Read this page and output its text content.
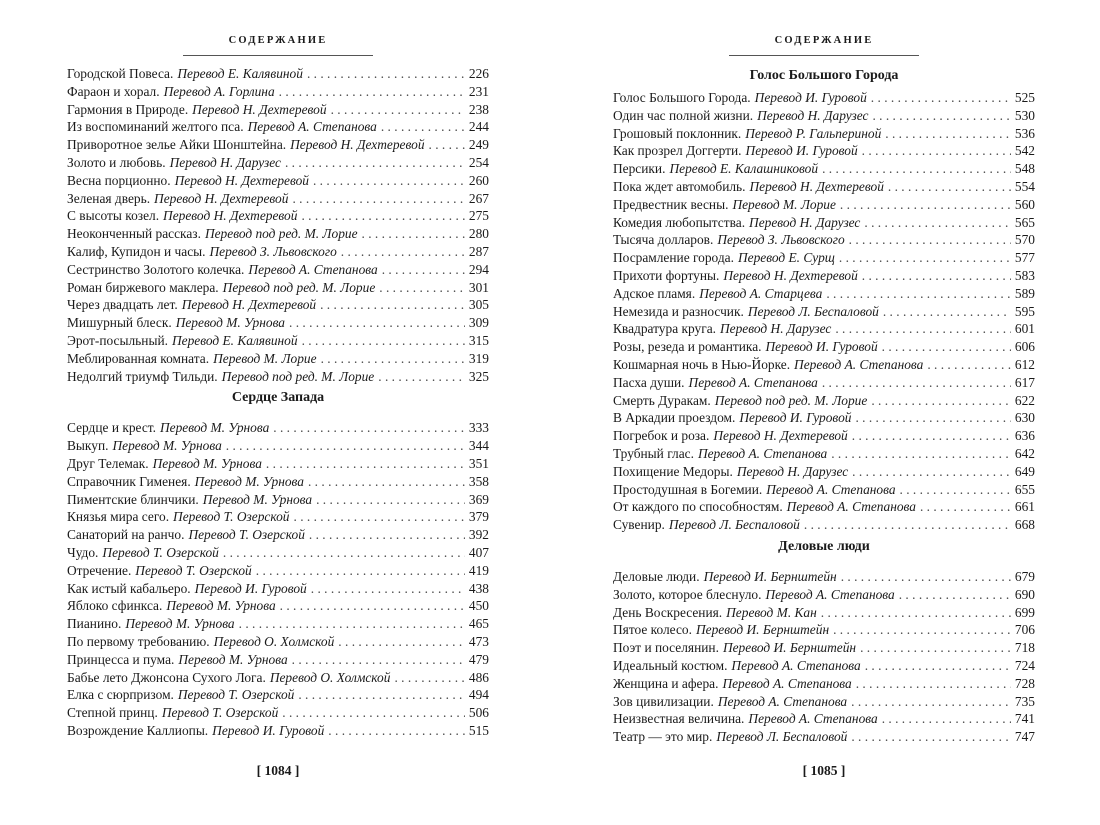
СОДЕРЖАНИЕ
Городской Повеса. Перевод Е. Калявиной . . .	226
Фараон и хорал. Перевод А. Горлина . . .	231
Гармония в Природе. Перевод Н. Дехтеревой . . .	238
Из воспоминаний желтого пса. Перевод А. Степанова . . .	244
Приворотное зелье Айки Шонштейна. Перевод Н. Дехтеревой . . .	249
Золото и любовь. Перевод Н. Дарузес . . .	254
Весна порционно. Перевод Н. Дехтеревой . . .	260
Зеленая дверь. Перевод Н. Дехтеревой . . .	267
С высоты козел. Перевод Н. Дехтеревой . . .	275
Неоконченный рассказ. Перевод под ред. М. Лорие . . .	280
Калиф, Купидон и часы. Перевод З. Львовского . . .	287
Сестринство Золотого колечка. Перевод А. Степанова . . .	294
Роман биржевого маклера. Перевод под ред. М. Лорие . . .	301
Через двадцать лет. Перевод Н. Дехтеревой . . .	305
Мишурный блеск. Перевод М. Урнова . . .	309
Эрот-посыльный. Перевод Е. Калявиной . . .	315
Меблированная комната. Перевод М. Лорие . . .	319
Недолгий триумф Тильди. Перевод под ред. М. Лорие . . .	325
Сердце Запада
Сердце и крест. Перевод М. Урнова . . .	333
Выкуп. Перевод М. Урнова . . .	344
Друг Телемак. Перевод М. Урнова . . .	351
Справочник Гименея. Перевод М. Урнова . . .	358
Пиментские блинчики. Перевод М. Урнова . . .	369
Князья мира сего. Перевод Т. Озерской . . .	379
Санаторий на ранчо. Перевод Т. Озерской . . .	392
Чудо. Перевод Т. Озерской . . .	407
Отречение. Перевод Т. Озерской . . .	419
Как истый кабальеро. Перевод И. Гуровой . . .	438
Яблоко сфинкса. Перевод М. Урнова . . .	450
Пианино. Перевод М. Урнова . . .	465
По первому требованию. Перевод О. Холмской . . .	473
Принцесса и пума. Перевод М. Урнова . . .	479
Бабье лето Джонсона Сухого Лога. Перевод О. Холмской . . .	486
Елка с сюрпризом. Перевод Т. Озерской . . .	494
Степной принц. Перевод Т. Озерской . . .	506
Возрождение Каллиопы. Перевод И. Гуровой . . .	515
[ 1084 ]
СОДЕРЖАНИЕ
Голос Большого Города
Голос Большого Города. Перевод И. Гуровой . . .	525
Один час полной жизни. Перевод Н. Дарузес . . .	530
Грошовый поклонник. Перевод Р. Гальпериной . . .	536
Как прозрел Доггерти. Перевод И. Гуровой . . .	542
Персики. Перевод Е. Калашниковой . . .	548
Пока ждет автомобиль. Перевод Н. Дехтеревой . . .	554
Предвестник весны. Перевод М. Лорие . . .	560
Комедия любопытства. Перевод Н. Дарузес . . .	565
Тысяча долларов. Перевод З. Львовского . . .	570
Посрамление города. Перевод Е. Сурщ . . .	577
Прихоти фортуны. Перевод Н. Дехтеревой . . .	583
Адское пламя. Перевод А. Старцева . . .	589
Немезида и разносчик. Перевод Л. Беспаловой . . .	595
Квадратура круга. Перевод Н. Дарузес . . .	601
Розы, резеда и романтика. Перевод И. Гуровой . . .	606
Кошмарная ночь в Нью-Йорке. Перевод А. Степанова . . .	612
Пасха души. Перевод А. Степанова . . .	617
Смерть Дуракам. Перевод под ред. М. Лорие . . .	622
В Аркадии проездом. Перевод И. Гуровой . . .	630
Погребок и роза. Перевод Н. Дехтеревой . . .	636
Трубный глас. Перевод А. Степанова . . .	642
Похищение Медоры. Перевод Н. Дарузес . . .	649
Простодушная в Богемии. Перевод А. Степанова . . .	655
От каждого по способностям. Перевод А. Степанова . . .	661
Сувенир. Перевод Л. Беспаловой . . .	668
Деловые люди
Деловые люди. Перевод И. Бернштейн . . .	679
Золото, которое блеснуло. Перевод А. Степанова . . .	690
День Воскресения. Перевод М. Кан . . .	699
Пятое колесо. Перевод И. Бернштейн . . .	706
Поэт и поселянин. Перевод И. Бернштейн . . .	718
Идеальный костюм. Перевод А. Степанова . . .	724
Женщина и афера. Перевод А. Степанова . . .	728
Зов цивилизации. Перевод А. Степанова . . .	735
Неизвестная величина. Перевод А. Степанова . . .	741
Театр — это мир. Перевод Л. Беспаловой . . .	747
[ 1085 ]
